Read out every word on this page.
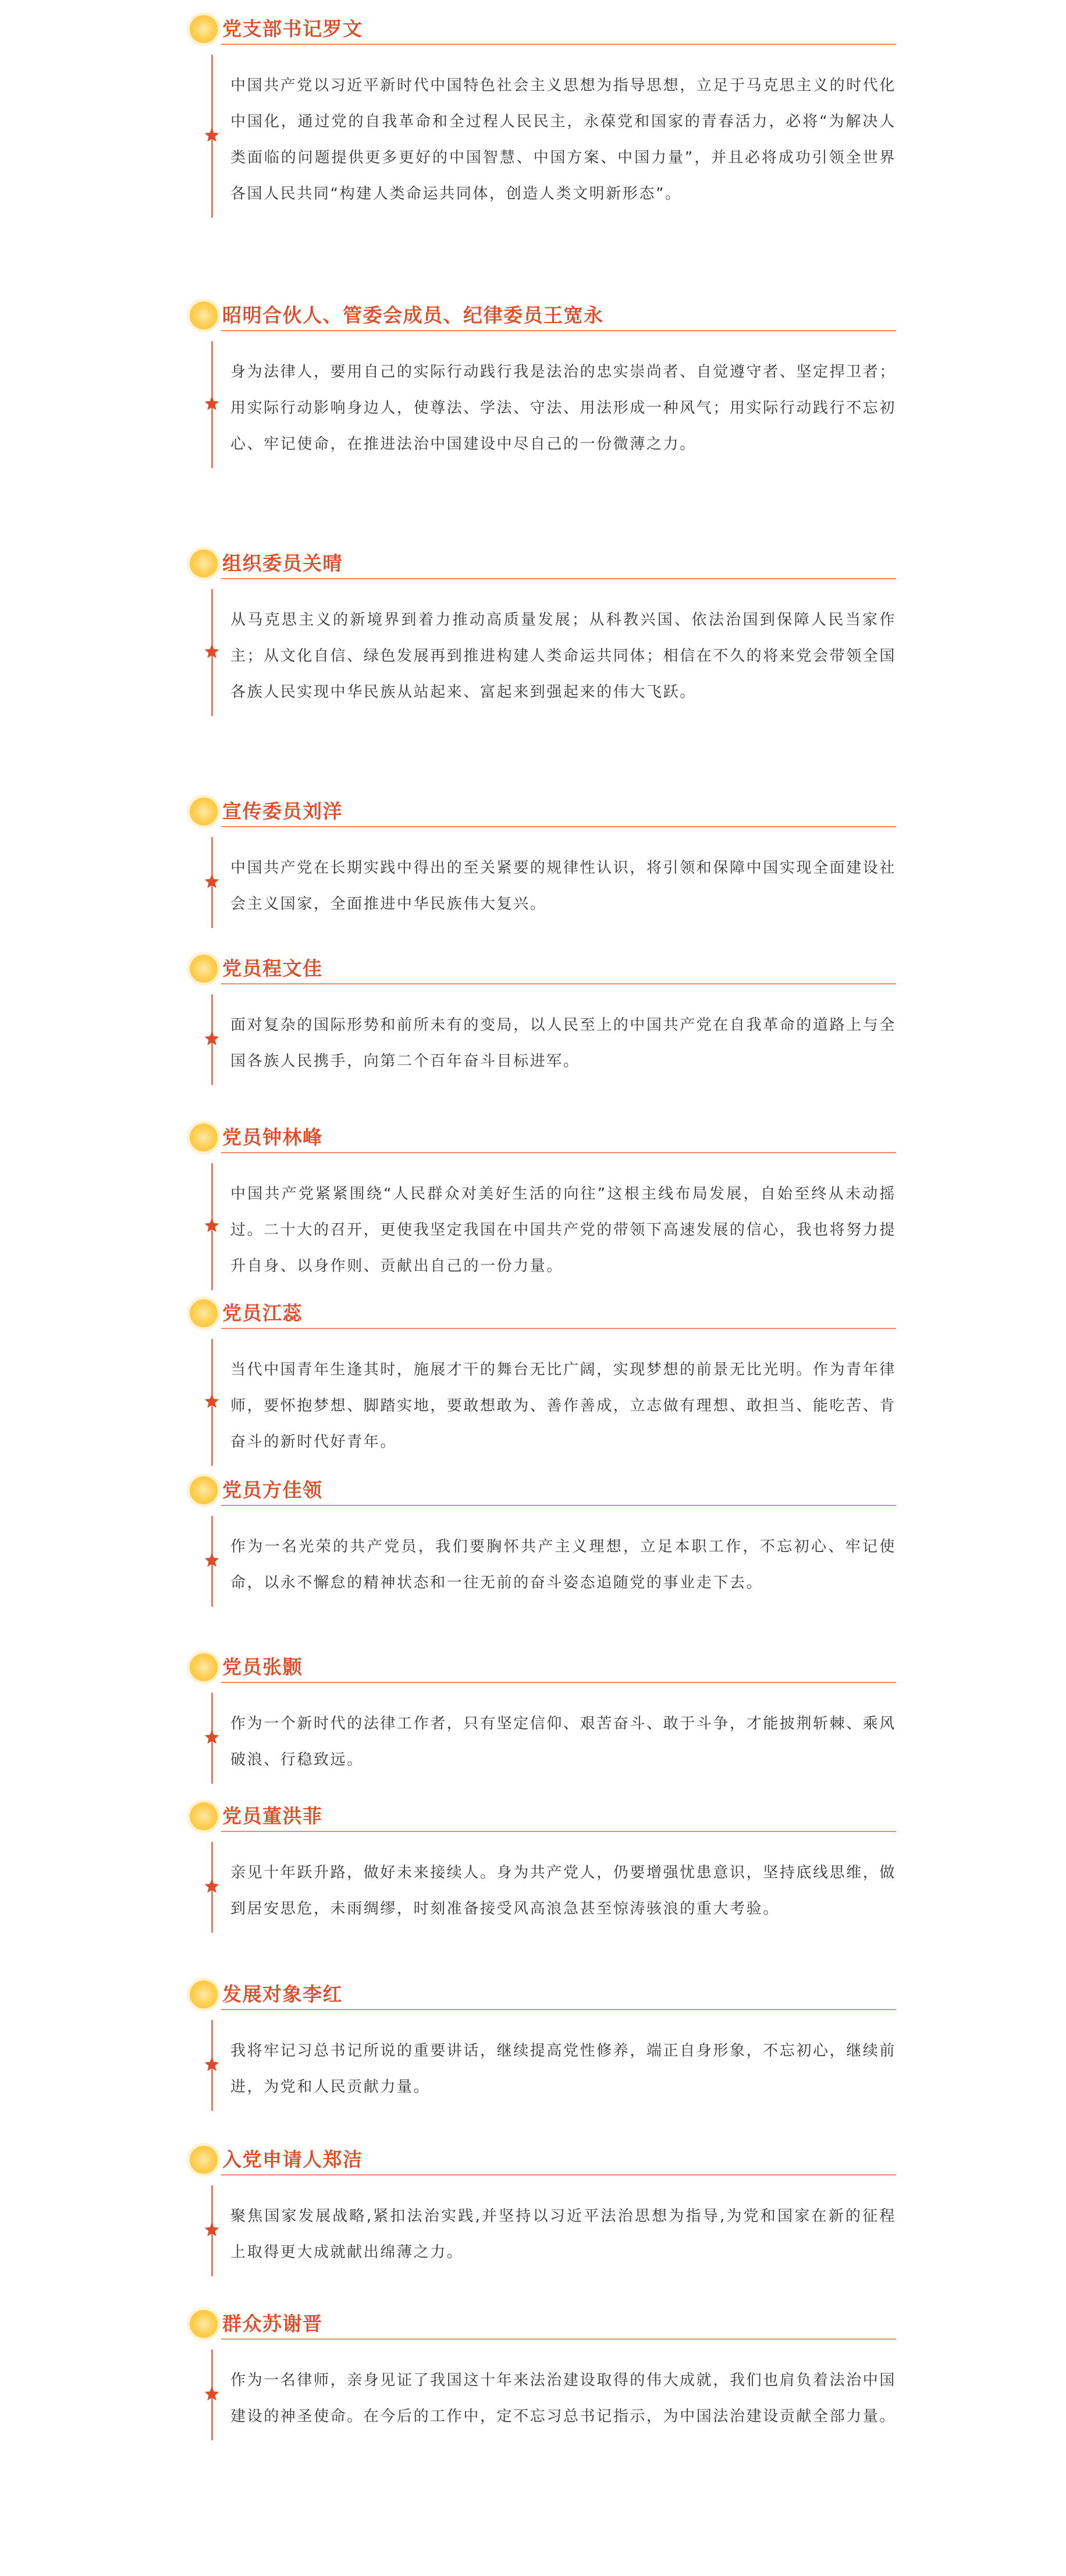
党支部书记罗文

中国共产党以习近平新时代中国特色社会主义思想为指导思想，立足于马克思主义的时代化中国化，通过党的自我革命和全过程人民民主，永葆党和国家的青春活力，必将“为解决人类面临的问题提供更多更好的中国智慧、中国方案、中国力量”，并且必将成功引领全世界各国人民共同“构建人类命运共同体，创造人类文明新形态”。

昭明合伙人、管委会成员、纪律委员王宽永

身为法律人，要用自己的实际行动践行我是法治的忠实崇尚者、自觉遵守者、坚定捍卫者；用实际行动影响身边人，使尊法、学法、守法、用法形成一种风气；用实际行动践行不忘初心、牢记使命，在推进法治中国建设中尽自己的一份微薄之力。

组织委员关晴

从马克思主义的新境界到着力推动高质量发展；从科教兴国、依法治国到保障人民当家作主；从文化自信、绿色发展再到推进构建人类命运共同体；相信在不久的将来党会带领全国各族人民实现中华民族从站起来、富起来到强起来的伟大飞跃。

宣传委员刘洋

中国共产党在长期实践中得出的至关紧要的规律性认识，将引领和保障中国实现全面建设社会主义国家，全面推进中华民族伟大复兴。

党员程文佳

面对复杂的国际形势和前所未有的变局，以人民至上的中国共产党在自我革命的道路上与全国各族人民携手，向第二个百年奋斗目标进军。

党员钟林峰

中国共产党紧紧围绕“人民群众对美好生活的向往”这根主线布局发展，自始至终从未动摇过。二十大的召开，更使我坚定我国在中国共产党的带领下高速发展的信心，我也将努力提升自身、以身作则、贡献出自己的一份力量。

党员江蕊

当代中国青年生逢其时，施展才干的舞台无比广阔，实现梦想的前景无比光明。作为青年律师，要怀抱梦想、脚踏实地，要敢想敢为、善作善成，立志做有理想、敢担当、能吃苦、肯奋斗的新时代好青年。

党员方佳领

作为一名光荣的共产党员，我们要胸怀共产主义理想，立足本职工作，不忘初心、牢记使命，以永不懈怠的精神状态和一往无前的奋斗姿态追随党的事业走下去。

党员张颢

作为一个新时代的法律工作者，只有坚定信仰、艰苦奋斗、敢于斗争，才能披荆斩棘、乘风破浪、行稳致远。

党员董洪菲

亲见十年跃升路，做好未来接续人。身为共产党人，仍要增强忧患意识，坚持底线思维，做到居安思危，未雨绸缪，时刻准备接受风高浪急甚至惊涛骇浪的重大考验。

发展对象李红

我将牢记习总书记所说的重要讲话，继续提高党性修养，端正自身形象，不忘初心，继续前进，为党和人民贡献力量。

入党申请人郑洁

聚焦国家发展战略,紧扣法治实践,并坚持以习近平法治思想为指导,为党和国家在新的征程上取得更大成就献出绵薄之力。

群众苏谢晋

作为一名律师，亲身见证了我国这十年来法治建设取得的伟大成就，我们也肩负着法治中国建设的神圣使命。在今后的工作中，定不忘习总书记指示，为中国法治建设贡献全部力量。
